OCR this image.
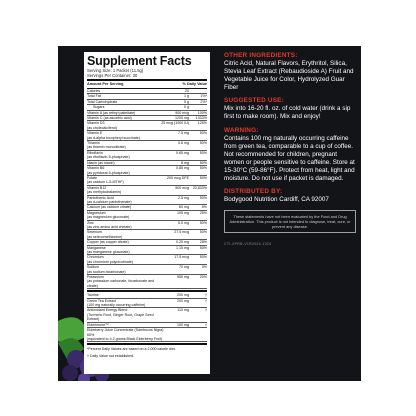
Supplement Facts
Serving Size: 1 Packet (11.5g)
Servings Per Container: 30
Amount Per Serving	% Daily Value
Calories	20
Total Fat	1 g	1%*
Total Carbohydrate	5 g	2%*
Sugars	0 g
Vitamin A (as retinyl palmitate)	900 mcg	100%
Vitamin C (as ascorbic acid)	1200 mg	1333%
Vitamin D3
(as cholecalciferol)
25 mcg (1000 IU)	125%
Vitamin E
(as d-alpha tocopheryl succinate)
7.5 mg	50%
Thiamin
(as thiamin mononitrate)
0.6 mg	50%
Riboflavin
(as riboflavin-5-phosphate)
0.65 mg	50%
Niacin (as niacin)	8 mg	50%
Vitamin B6
(as pyridoxal-5-phosphate)
0.85 mg	50%
Folate
(as calcium L-5-MTHF)
200 mcg DFE	50%
Vitamin B12
(as methylcobalamin)
500 mcg	20,833%
Pantothenic Acid
(as d-calcium pantothenate)
2.5 mg	50%
Calcium (as calcium citrate)	60 mg	5%
Magnesium
(as magnesium gluconate)
105 mg	25%
Zinc
(as zinc amino acid chelate)
5.5 mg	50%
Selenium
(as selenomethionine)
27.5 mcg	50%
Copper (as copper citrate)	0.25 mg	28%
Manganese
(as manganese gluconate)
1.15 mg	50%
Chromium
(as chromium polynicotinate)
17.5 mcg	50%
Sodium
(as sodium bicarbonate)
70 mg	3%
Potassium
(as potassium carbonate, bicarbonate and citrate)
950 mg	20%
Taurine	200 mg	†
Green Tea Extract
(100 mg naturally occurring caffeine)
200 mg	†
Antioxidant Energy Blend
(Turmeric Root, Ginger Root, Grape Seed Extract)
110 mg	†
Elderimune™	100 mg	†
Elderberry Juice Concentrate (Sambucus Nigra) 65%
(equivalent to 4.2 grams Black Elderberry Fruit)
*Percent Daily Values are based on a 2,000 calorie diet.
† Daily Value not established.
OTHER INGREDIENTS:
Citric Acid, Natural Flavors, Erythritol, Silica, Stevia Leaf Extract (Rebaudioside A) Fruit and Vegetable Juice for Color, Hydrolyzed Guar Fiber
SUGGESTED USE:
Mix into 16-20 fl. oz. of cold water (drink a sip first to make room). Mix and enjoy!
WARNING:
Contains 100 mg naturally occurring caffeine from green tea, comparable to a cup of coffee. Not recommended for children, pregnant women or people sensitive to caffeine. Store at 15-30°C (59-86°F). Protect from heat, light and moisture. Do not use if packet is damaged.
DISTRIBUTED BY:
Bodygood Nutrition Cardiff, CA 92007
These statements have not been evaluated by the Food and Drug Administration. This product is not intended to diagnose, treat, cure, or prevent any disease.
CTI-XPRB-V1R2024-1324
